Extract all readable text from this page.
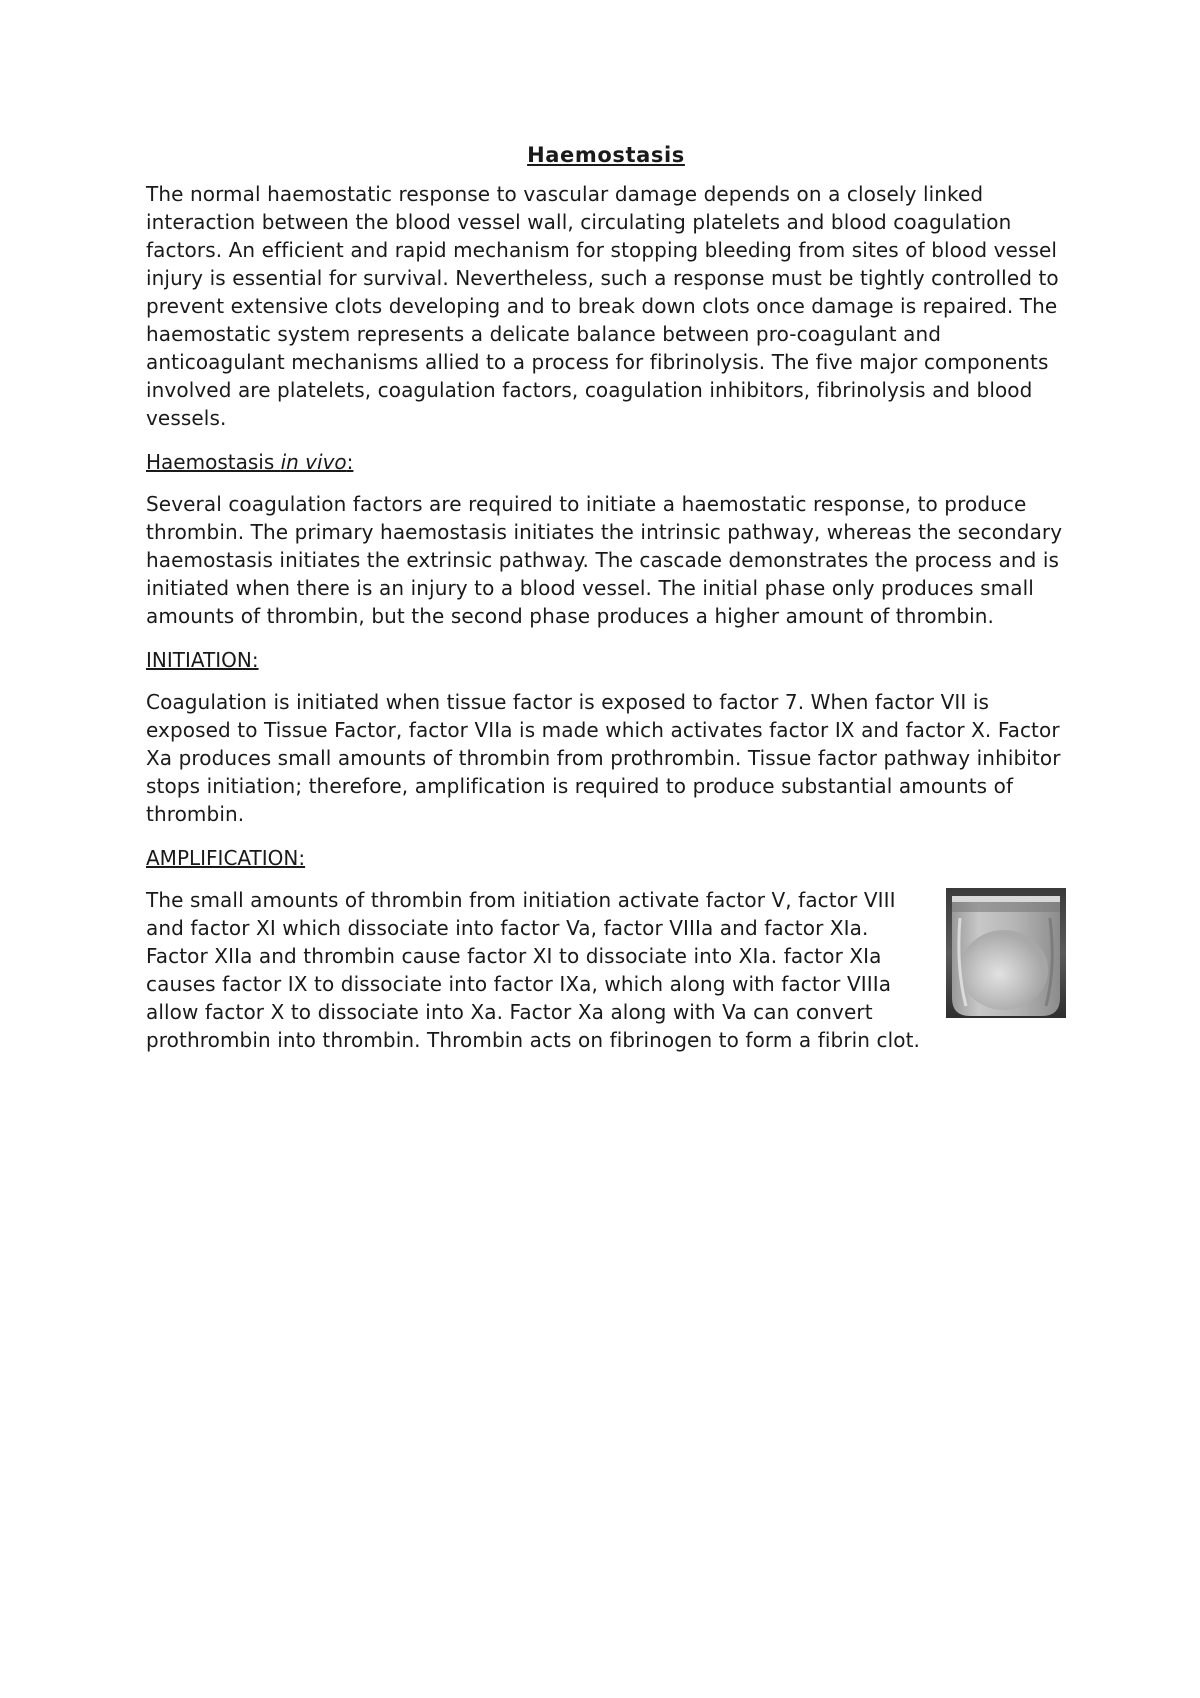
Haemostasis

The normal haemostatic response to vascular damage depends on a closely linked interaction between the blood vessel wall, circulating platelets and blood coagulation factors. An efficient and rapid mechanism for stopping bleeding from sites of blood vessel injury is essential for survival. Nevertheless, such a response must be tightly controlled to prevent extensive clots developing and to break down clots once damage is repaired. The haemostatic system represents a delicate balance between pro-coagulant and anticoagulant mechanisms allied to a process for fibrinolysis. The five major components involved are platelets, coagulation factors, coagulation inhibitors, fibrinolysis and blood vessels.

Haemostasis in vivo:

Several coagulation factors are required to initiate a haemostatic response, to produce thrombin. The primary haemostasis initiates the intrinsic pathway, whereas the secondary haemostasis initiates the extrinsic pathway. The cascade demonstrates the process and is initiated when there is an injury to a blood vessel. The initial phase only produces small amounts of thrombin, but the second phase produces a higher amount of thrombin.

INITIATION:

Coagulation is initiated when tissue factor is exposed to factor 7. When factor VII is exposed to Tissue Factor, factor VIIa is made which activates factor IX and factor X. Factor Xa produces small amounts of thrombin from prothrombin. Tissue factor pathway inhibitor stops initiation; therefore, amplification is required to produce substantial amounts of thrombin.

AMPLIFICATION:

The small amounts of thrombin from initiation activate factor V, factor VIII and factor XI which dissociate into factor Va, factor VIIIa and factor XIa. Factor XIIa and thrombin cause factor XI to dissociate into XIa. factor XIa causes factor IX to dissociate into factor IXa, which along with factor VIIIa allow factor X to dissociate into Xa. Factor Xa along with Va can convert prothrombin into thrombin. Thrombin acts on fibrinogen to form a fibrin clot.
